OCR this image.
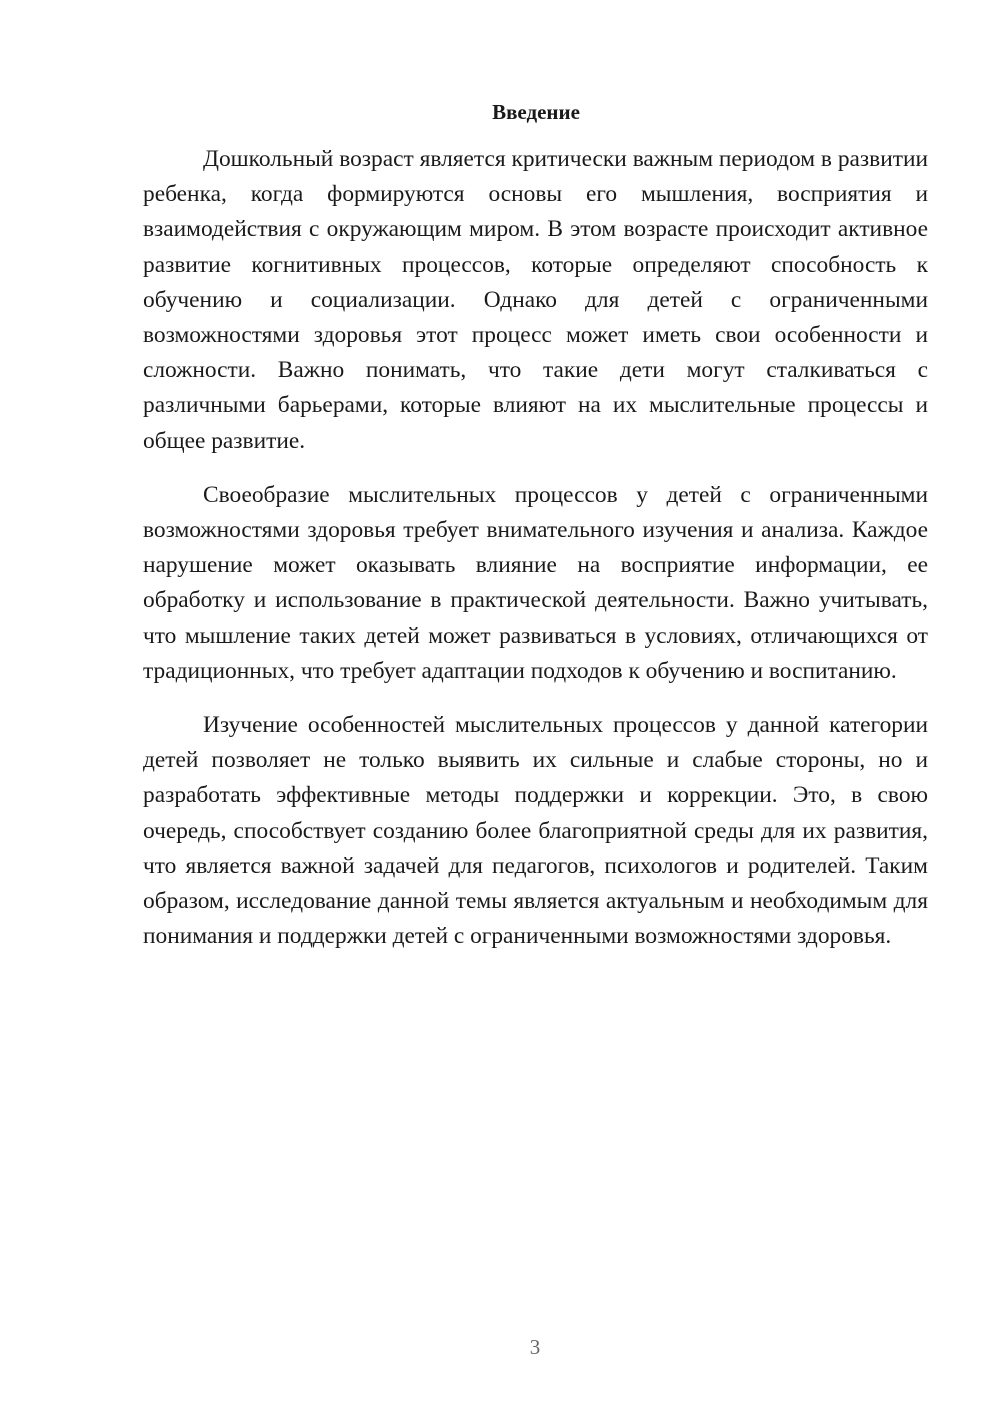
Введение

Дошкольный возраст является критически важным периодом в развитии ребенка, когда формируются основы его мышления, восприятия и взаимодействия с окружающим миром. В этом возрасте происходит активное развитие когнитивных процессов, которые определяют способность к обучению и социализации. Однако для детей с ограниченными возможностями здоровья этот процесс может иметь свои особенности и сложности. Важно понимать, что такие дети могут сталкиваться с различными барьерами, которые влияют на их мыслительные процессы и общее развитие.

Своеобразие мыслительных процессов у детей с ограниченными возможностями здоровья требует внимательного изучения и анализа. Каждое нарушение может оказывать влияние на восприятие информации, ее обработку и использование в практической деятельности. Важно учитывать, что мышление таких детей может развиваться в условиях, отличающихся от традиционных, что требует адаптации подходов к обучению и воспитанию.

Изучение особенностей мыслительных процессов у данной категории детей позволяет не только выявить их сильные и слабые стороны, но и разработать эффективные методы поддержки и коррекции. Это, в свою очередь, способствует созданию более благоприятной среды для их развития, что является важной задачей для педагогов, психологов и родителей. Таким образом, исследование данной темы является актуальным и необходимым для понимания и поддержки детей с ограниченными возможностями здоровья.

3
